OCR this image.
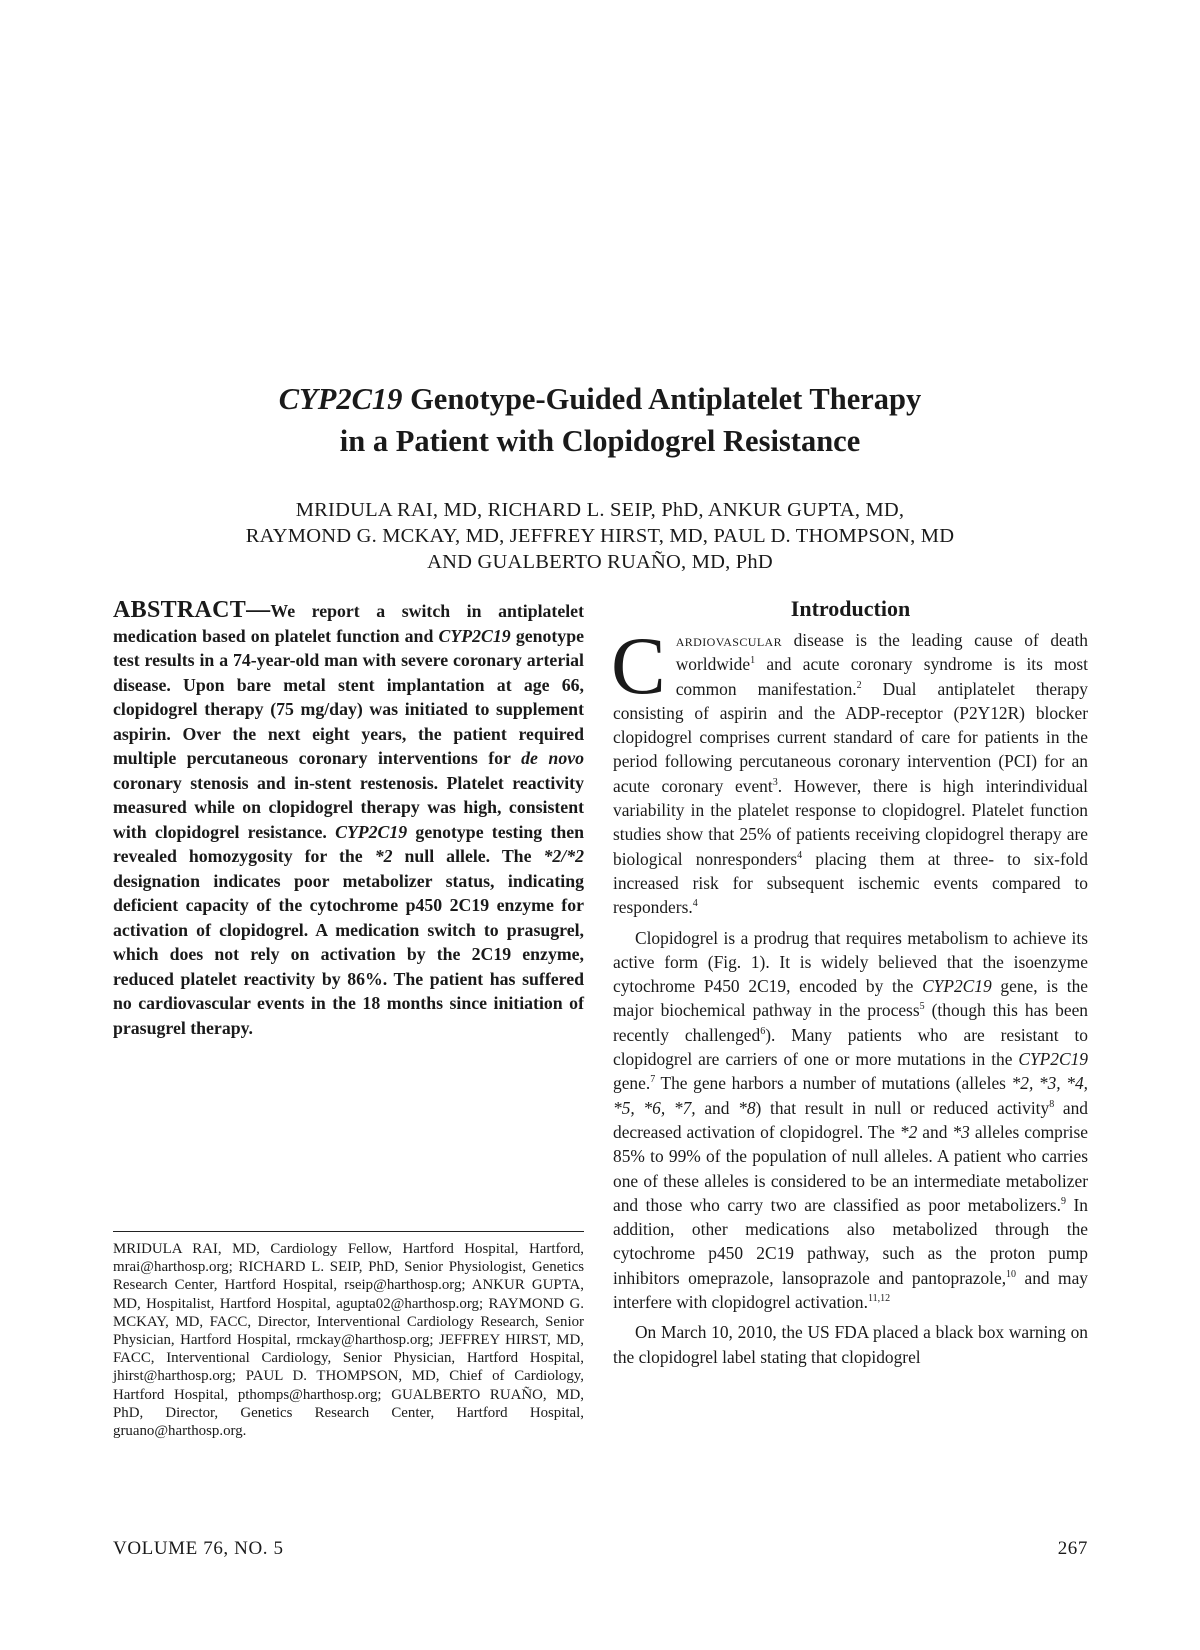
CYP2C19 Genotype-Guided Antiplatelet Therapy
in a Patient with Clopidogrel Resistance
MRIDULA RAI, MD, RICHARD L. SEIP, PhD, ANKUR GUPTA, MD,
RAYMOND G. MCKAY, MD, JEFFREY HIRST, MD, PAUL D. THOMPSON, MD
AND GUALBERTO RUAÑO, MD, PhD
ABSTRACT—We report a switch in antiplatelet medication based on platelet function and CYP2C19 genotype test results in a 74-year-old man with severe coronary arterial disease. Upon bare metal stent implantation at age 66, clopidogrel therapy (75 mg/day) was initiated to supplement aspirin. Over the next eight years, the patient required multiple percutaneous coronary interventions for de novo coronary stenosis and in-stent restenosis. Platelet reactivity measured while on clopidogrel therapy was high, consistent with clopidogrel resistance. CYP2C19 genotype testing then revealed homozygosity for the *2 null allele. The *2/*2 designation indicates poor metabolizer status, indicating deficient capacity of the cytochrome p450 2C19 enzyme for activation of clopidogrel. A medication switch to prasugrel, which does not rely on activation by the 2C19 enzyme, reduced platelet reactivity by 86%. The patient has suffered no cardiovascular events in the 18 months since initiation of prasugrel therapy.
MRIDULA RAI, MD, Cardiology Fellow, Hartford Hospital, Hartford, mrai@harthosp.org; RICHARD L. SEIP, PhD, Senior Physiologist, Genetics Research Center, Hartford Hospital, rseip@harthosp.org; ANKUR GUPTA, MD, Hospitalist, Hartford Hospital, agupta02@harthosp.org; RAYMOND G. MCKAY, MD, FACC, Director, Interventional Cardiology Research, Senior Physician, Hartford Hospital, rmckay@harthosp.org; JEFFREY HIRST, MD, FACC, Interventional Cardiology, Senior Physician, Hartford Hospital, jhirst@harthosp.org; PAUL D. THOMPSON, MD, Chief of Cardiology, Hartford Hospital, pthomps@harthosp.org; GUALBERTO RUAÑO, MD, PhD, Director, Genetics Research Center, Hartford Hospital, gruano@harthosp.org.
Introduction

Cardiovascular disease is the leading cause of death worldwide$^1$ and acute coronary syndrome is its most common manifestation.$^2$ Dual antiplatelet therapy consisting of aspirin and the ADP-receptor (P2Y12R) blocker clopidogrel comprises current standard of care for patients in the period following percutaneous coronary intervention (PCI) for an acute coronary event$^3$. However, there is high interindividual variability in the platelet response to clopidogrel. Platelet function studies show that 25% of patients receiving clopidogrel therapy are biological nonresponders$^4$ placing them at three- to six-fold increased risk for subsequent ischemic events compared to responders.$^4$

Clopidogrel is a prodrug that requires metabolism to achieve its active form (Fig. 1). It is widely believed that the isoenzyme cytochrome P450 2C19, encoded by the CYP2C19 gene, is the major biochemical pathway in the process$^5$ (though this has been recently challenged$^6$). Many patients who are resistant to clopidogrel are carriers of one or more mutations in the CYP2C19 gene.$^7$ The gene harbors a number of mutations (alleles *2, *3, *4, *5, *6, *7, and *8) that result in null or reduced activity$^8$ and decreased activation of clopidogrel. The *2 and *3 alleles comprise 85% to 99% of the population of null alleles. A patient who carries one of these alleles is considered to be an intermediate metabolizer and those who carry two are classified as poor metabolizers.$^9$ In addition, other medications also metabolized through the cytochrome p450 2C19 pathway, such as the proton pump inhibitors omeprazole, lansoprazole and pantoprazole,$^{10}$ and may interfere with clopidogrel activation.$^{11,12}$

On March 10, 2010, the US FDA placed a black box warning on the clopidogrel label stating that clopidogrel

VOLUME 76, NO. 5	267
